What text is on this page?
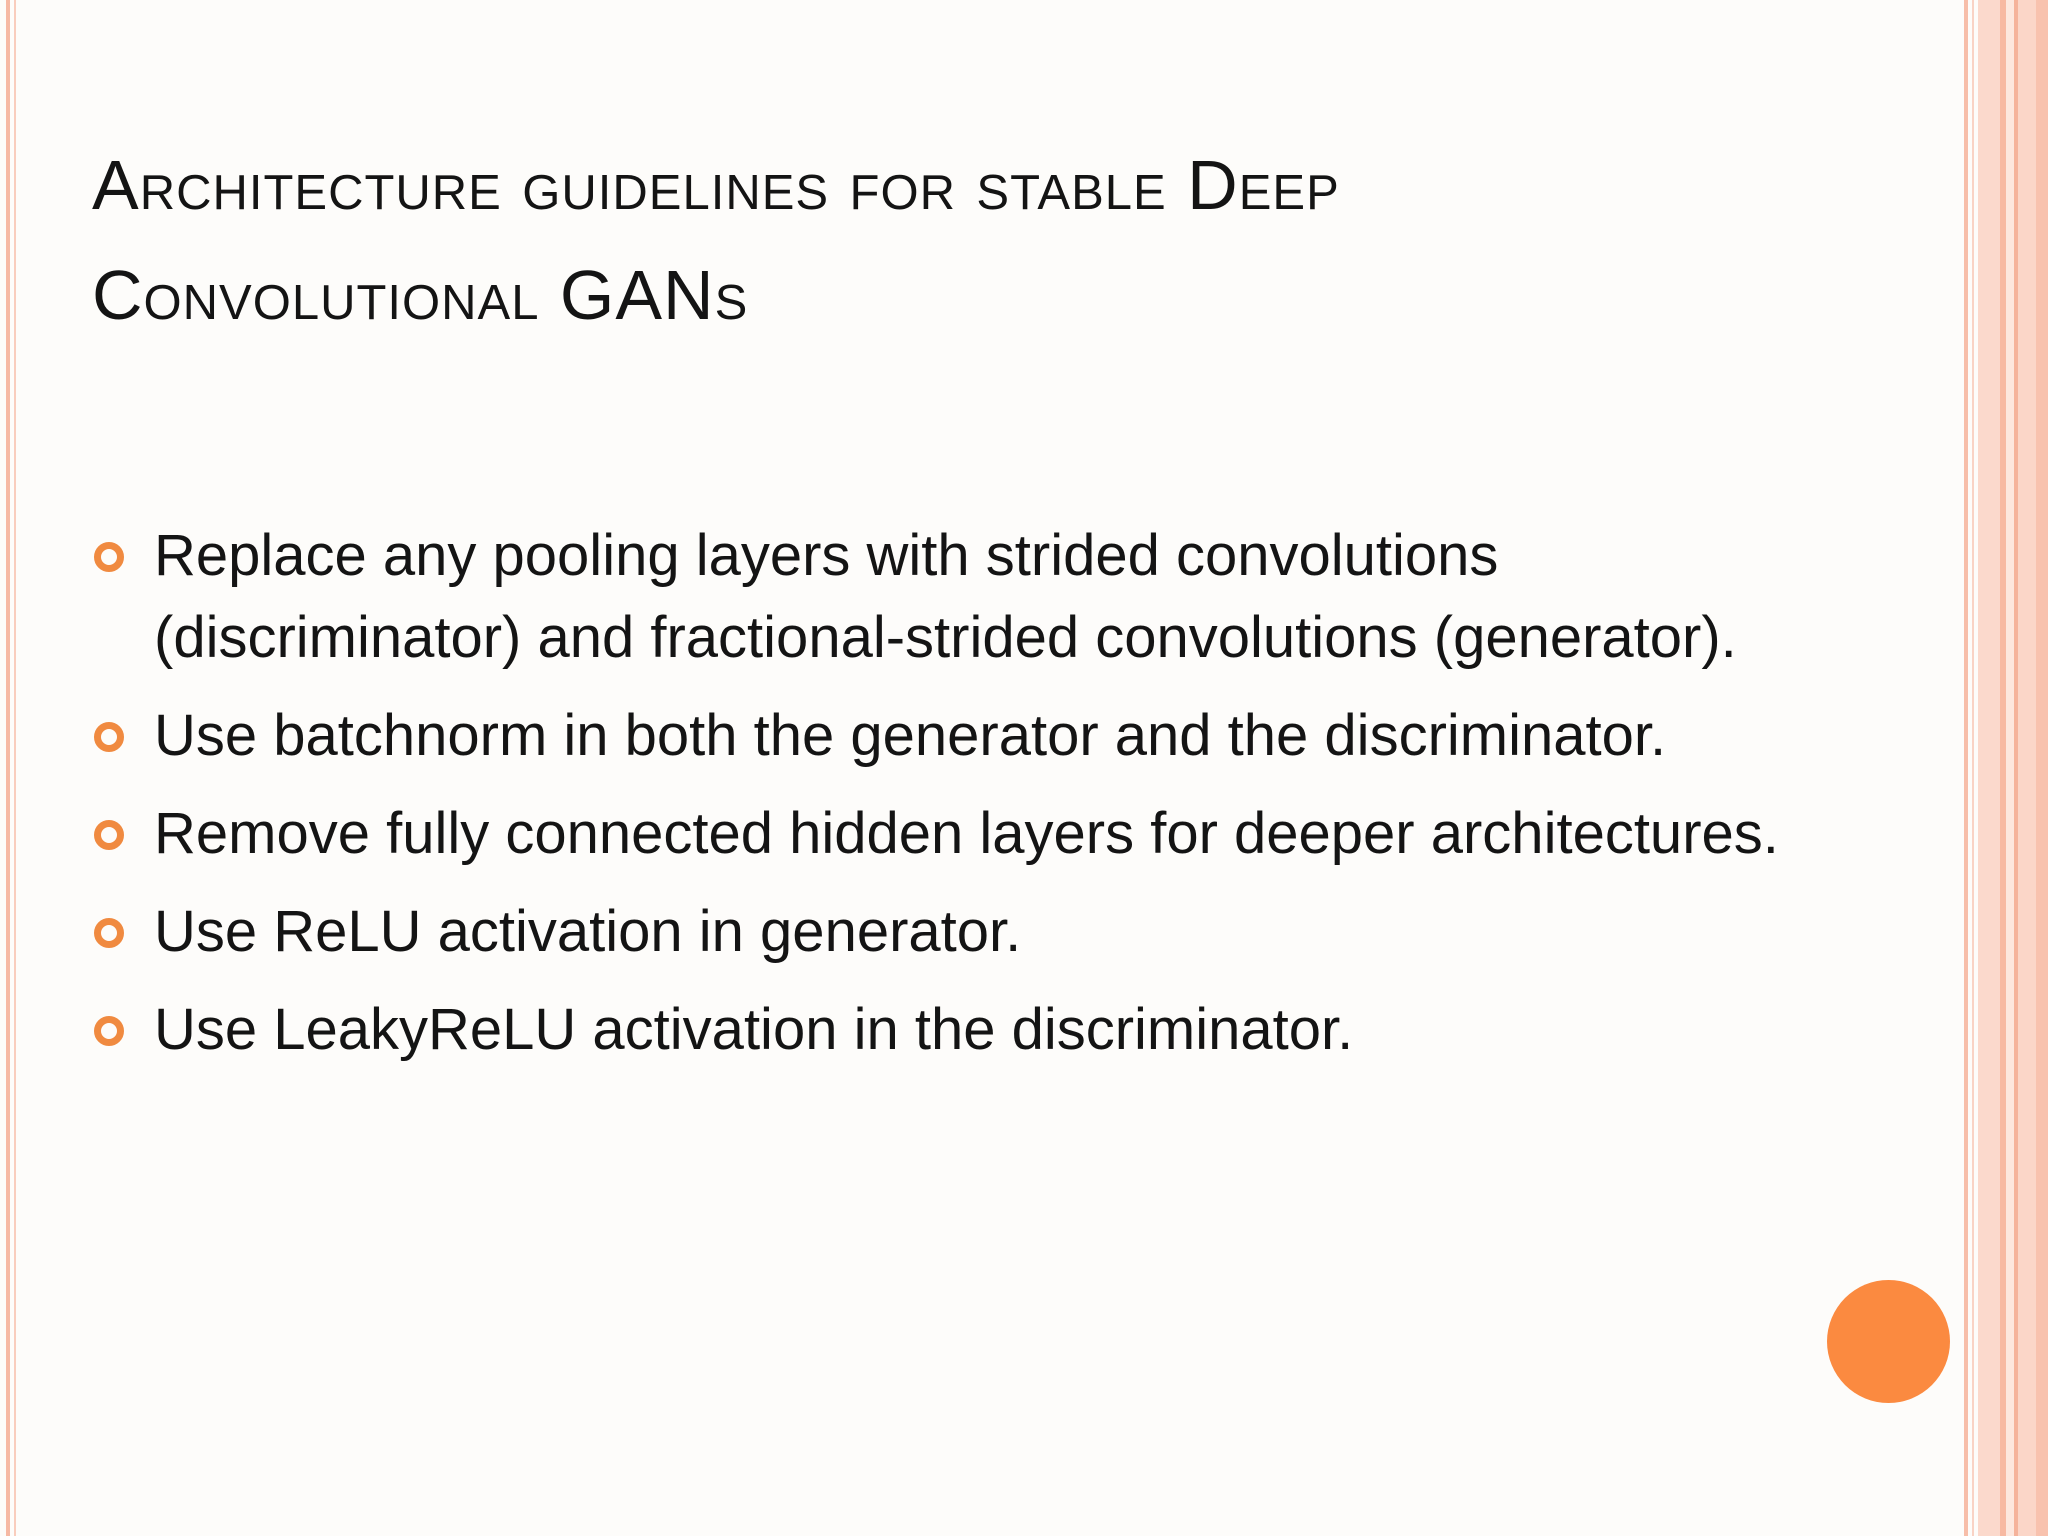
Architecture guidelines for stable Deep
Convolutional GANs
Replace any pooling layers with strided convolutions
(discriminator) and fractional-strided convolutions (generator).
Use batchnorm in both the generator and the discriminator.
Remove fully connected hidden layers for deeper architectures.
Use ReLU activation in generator.
Use LeakyReLU activation in the discriminator.
